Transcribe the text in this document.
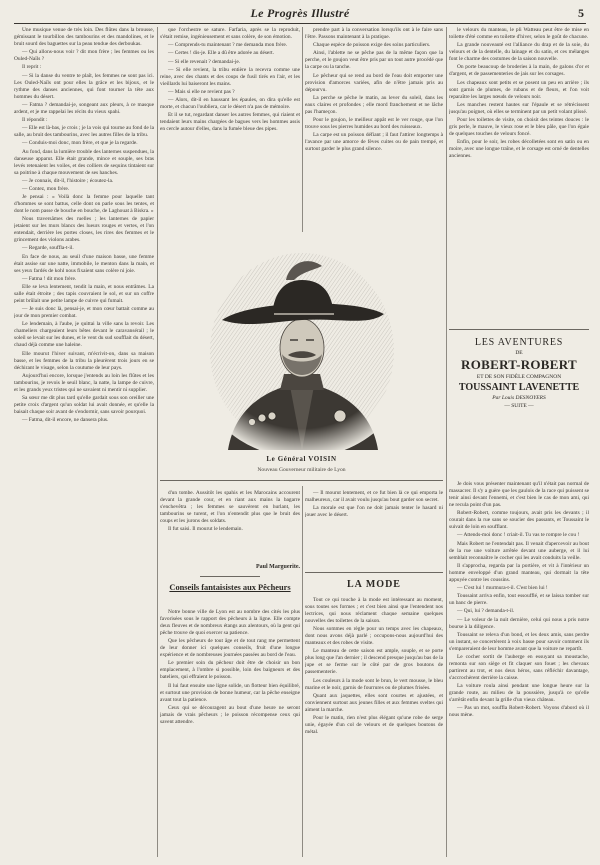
Le Progrès Illustré	5

Une musique venue de très loin. Des flûtes dans la brousse, gémissant le tourbillon des tambourins et des mandolines, et le bruit sourd des baguettes sur la peau tendue des derboukas.

— Qui allons-nous voir ? dit mon frère ; les femmes ou les Ouled-Naïls ?

Il reprit :

— Si la danse du ventre te plaît, les femmes ne sont pas ici. Les Ouled-Naïls ont pour elles la grâce et les bijoux, et le rythme des danses anciennes, qui font tourner la tête aux hommes du désert.

— Fatma ? demandai-je, songeant aux pleurs, à ce masque ardent, et je me rappelai les récits du vieux spahi.

Il répondit :

— Elle est là-bas, je crois ; je la vois qui tourne au fond de la salle, au bruit des tambourins, avec les autres filles de la tribu.

— Conduis-moi donc, mon frère, et que je la regarde.

Au fond, dans la lumière trouble des lanternes suspendues, la danseuse apparut. Elle était grande, mince et souple, ses bras levés retenaient les voiles, et des colliers de sequins tintaient sur sa poitrine à chaque mouvement de ses hanches.

— Je connais, dit-il, l'histoire ; écoutez-la.

— Contez, mon frère.

Je pensai : « Voilà donc la femme pour laquelle tant d'hommes se sont battus, celle dont on parle sous les tentes, et dont le nom passe de bouche en bouche, de Laghouat à Biskra. »

Nous traversâmes des ruelles ; les lanternes de papier jetaient sur les murs blancs des lueurs rouges et vertes, et l'on entendait, derrière les portes closes, les rires des femmes et le grincement des violons arabes.

— Regarde, souffla-t-il.

En face de nous, au seuil d'une maison basse, une femme était assise sur une natte, immobile, le menton dans la main, et ses yeux fardés de kohl nous fixaient sans colère ni joie.

— Fatma ! dit mon frère.

Elle se leva lentement, tendit la main, et nous entrâmes. La salle était étroite ; des tapis couvraient le sol, et sur un coffre peint brûlait une petite lampe de cuivre qui fumait.

— Je suis donc là, pensai-je, et mon cœur battait comme au jour de mon premier combat.

Le lendemain, à l'aube, je quittai la ville sans la revoir. Les chameliers chargeaient leurs bêtes devant le caravansérail ; le soleil se levait sur les dunes, et le vent du sud soufflait du désert, chaud déjà comme une haleine.

Elle mourut l'hiver suivant, m'écrivit-on, dans sa maison basse, et les femmes de la tribu la pleurèrent trois jours en se déchirant le visage, selon la coutume de leur pays.

Aujourd'hui encore, lorsque j'entends au loin les flûtes et les tambourins, je revois le seuil blanc, la natte, la lampe de cuivre, et les grands yeux tristes qui ne savaient ni mentir ni supplier.

Sa sœur me dit plus tard qu'elle gardait sous son oreiller une petite croix d'argent qu'un soldat lui avait donnée, et qu'elle la baisait chaque soir avant de s'endormir, sans savoir pourquoi.

— Fatma, dit-il encore, ne dansera plus.

que l'orchestre se sature. Farfaria, après se la reproduit, s'était remise, ingénieusement et sans colère, de son émotion.

— Comprends-tu maintenant ? me demanda mon frère.

— Certes ! dis-je. Elle a dû être adorée au désert.

— Si elle revenait ? demandai-je.

— Si elle revient, la tribu entière la recevra comme une reine, avec des chants et des coups de fusil tirés en l'air, et les vieillards lui baiseront les mains.

— Mais si elle ne revient pas ?

— Alors, dit-il en haussant les épaules, on dira qu'elle est morte, et chacun l'oubliera, car le désert n'a pas de mémoire.

Et il se tut, regardant danser les autres femmes, qui riaient et tendaient leurs mains chargées de bagues vers les hommes assis en cercle autour d'elles, dans la fumée bleue des pipes.

prendre part à la conversation lorsqu'ils ont à le faire sans l'être. Passons maintenant à la pratique.

Chaque espèce de poisson exige des soins particuliers.

Ainsi, l'ablette ne se pêche pas de la même façon que la perche, et le goujon veut être pris par un tout autre procédé que la carpe ou la tanche.

Le pêcheur qui se rend au bord de l'eau doit emporter une provision d'amorces variées, afin de n'être jamais pris au dépourvu.

La perche se pêche le matin, au lever du soleil, dans les eaux claires et profondes ; elle mord franchement et ne lâche pas l'hameçon.

Pour le goujon, le meilleur appât est le ver rouge, que l'on trouve sous les pierres humides au bord des ruisseaux.

La carpe est un poisson défiant ; il faut l'attirer longtemps à l'avance par une amorce de fèves cuites ou de pain trempé, et surtout garder le plus grand silence.

le velours du manteau, le pli Watteau peut être de mise en toilette d'été comme en toilette d'hiver, selon le goût de chacune.

La grande nouveauté est l'alliance du drap et de la soie, du velours et de la dentelle, du lainage et du satin, et ces mélanges font le charme des costumes de la saison nouvelle.

On porte beaucoup de broderies à la main, de galons d'or et d'argent, et de passementeries de jais sur les corsages.

Les chapeaux sont petits et se posent un peu en arrière ; ils sont garnis de plumes, de rubans et de fleurs, et l'on voit reparaître les larges nœuds de velours noir.

Les manches restent hautes sur l'épaule et se rétrécissent jusqu'au poignet, où elles se terminent par un petit volant plissé.

Pour les toilettes de visite, on choisit des teintes douces : le gris perle, le mauve, le vieux rose et le bleu pâle, que l'on égaie de quelques touches de velours foncé.

Enfin, pour le soir, les robes décolletées sont en satin ou en moire, avec une longue traîne, et le corsage est orné de dentelles anciennes.

Le Général VOISIN
Nouveau Gouverneur militaire de Lyon

d'un tombe. Aussitôt les spahis et les Marocains accourent devant la grande cour, et en riant aux mains la bagarre s'enchevêtra ; les femmes se sauvèrent en hurlant, les tambourins se turent, et l'on n'entendit plus que le bruit des coups et les jurons des soldats.

Il fut saisi. Il mourut le lendemain.

— Il mourut lentement, et ce fut bien là ce qui emporta le malheureux, car il avait voulu jusqu'au bout garder son secret.

La morale est que l'on ne doit jamais tenter le hasard ni jouer avec le désert.

Paul Marguerite.
Conseils fantaisistes aux Pêcheurs

Notre bonne ville de Lyon est au nombre des cités les plus favorisées sous le rapport des pêcheurs à la ligne. Elle compte deux fleuves et de nombreux étangs aux alentours, où la gent qui pêche trouve de quoi exercer sa patience.

Que les pêcheurs de tout âge et de tout rang me permettent de leur donner ici quelques conseils, fruit d'une longue expérience et de nombreuses journées passées au bord de l'eau.

Le premier soin du pêcheur doit être de choisir un bon emplacement, à l'ombre si possible, loin des baigneurs et des bateliers, qui effraient le poisson.

Il lui faut ensuite une ligne solide, un flotteur bien équilibré, et surtout une provision de bonne humeur, car la pêche enseigne avant tout la patience.

Ceux qui se découragent au bout d'une heure ne seront jamais de vrais pêcheurs ; le poisson récompense ceux qui savent attendre.

LA MODE

Tout ce qui touche à la mode est intéressant au moment, sous toutes ses formes ; et c'est bien ainsi que l'entendent nos lectrices, qui nous réclament chaque semaine quelques nouvelles des toilettes de la saison.

Nous sommes en règle pour un temps avec les chapeaux, dont nous avons déjà parlé ; occupons-nous aujourd'hui des manteaux et des robes de visite.

Le manteau de cette saison est ample, souple, et se porte plus long que l'an dernier ; il descend presque jusqu'au bas de la jupe et se ferme sur le côté par de gros boutons de passementerie.

Les couleurs à la mode sont le brun, le vert mousse, le bleu marine et le noir, garnis de fourrures ou de plumes frisées.

Quant aux jaquettes, elles sont courtes et ajustées, et conviennent surtout aux jeunes filles et aux femmes sveltes qui aiment la marche.

Pour le matin, rien n'est plus élégant qu'une robe de serge unie, égayée d'un col de velours et de quelques boutons de métal.

LES AVENTURES
DE
ROBERT-ROBERT
ET DE SON FIDÈLE COMPAGNON
TOUSSAINT LAVENETTE
Par Louis DESNOYERS
— SUITE —

Je dois vous présenter maintenant qu'il n'était pas normal de massacrer. Il s'y a guère que les gaulois de la race qui puissent se tenir ainsi devant l'ennemi, et c'est bien le cas de mon ami, qui ne recula point d'un pas.

Robert-Robert, comme toujours, avait pris les devants ; il courait dans la rue sans se soucier des passants, et Toussaint le suivait de loin en soufflant.

— Attends-moi donc ! criait-il. Tu vas te rompre le cou !

Mais Robert ne l'entendait pas. Il venait d'apercevoir au bout de la rue une voiture arrêtée devant une auberge, et il lui semblait reconnaître le cocher qui les avait conduits la veille.

Il s'approcha, regarda par la portière, et vit à l'intérieur un homme enveloppé d'un grand manteau, qui dormait la tête appuyée contre les coussins.

— C'est lui ! murmura-t-il. C'est bien lui !

Toussaint arriva enfin, tout essoufflé, et se laissa tomber sur un banc de pierre.

— Qui, lui ? demanda-t-il.

— Le voleur de la nuit dernière, celui qui nous a pris notre bourse à la diligence.

Toussaint se releva d'un bond, et les deux amis, sans perdre un instant, se concertèrent à voix basse pour savoir comment ils s'empareraient de leur homme avant que la voiture ne repartît.

Le cocher sortit de l'auberge en essuyant sa moustache, remonta sur son siège et fit claquer son fouet ; les chevaux partirent au trot, et nos deux héros, sans réfléchir davantage, s'accrochèrent derrière la caisse.

La voiture roula ainsi pendant une longue heure sur la grande route, au milieu de la poussière, jusqu'à ce qu'elle s'arrêtât enfin devant la grille d'un vieux château.

— Pas un mot, souffla Robert-Robert. Voyons d'abord où il nous mène.
